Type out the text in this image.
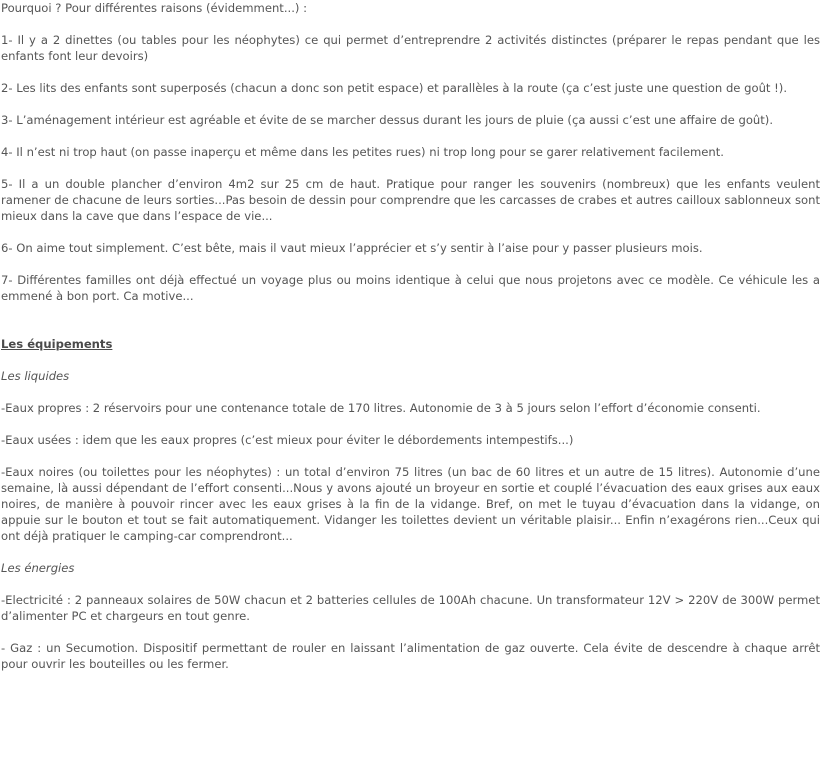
Pourquoi ? Pour différentes raisons (évidemment...) :

1- Il y a 2 dinettes (ou tables pour les néophytes) ce qui permet d’entreprendre 2 activités distinctes (préparer le repas pendant que les enfants font leur devoirs)

2- Les lits des enfants sont superposés (chacun a donc son petit espace) et parallèles à la route (ça c’est juste une question de goût !).

3- L’aménagement intérieur est agréable et évite de se marcher dessus durant les jours de pluie (ça aussi c’est une affaire de goût).

4- Il n’est ni trop haut (on passe inaperçu et même dans les petites rues) ni trop long pour se garer relativement facilement.

5- Il a un double plancher d’environ 4m2 sur 25 cm de haut. Pratique pour ranger les souvenirs (nombreux) que les enfants veulent ramener de chacune de leurs sorties...Pas besoin de dessin pour comprendre que les carcasses de crabes et autres cailloux sablonneux sont mieux dans la cave que dans l’espace de vie...

6- On aime tout simplement. C’est bête, mais il vaut mieux l’apprécier et s’y sentir à l’aise pour y passer plusieurs mois.

7- Différentes familles ont déjà effectué un voyage plus ou moins identique à celui que nous projetons avec ce modèle. Ce véhicule les a emmené à bon port. Ca motive...

Les équipements

Les liquides

-Eaux propres : 2 réservoirs pour une contenance totale de 170 litres. Autonomie de 3 à 5 jours selon l’effort d’économie consenti.

-Eaux usées : idem que les eaux propres (c’est mieux pour éviter le débordements intempestifs...)

-Eaux noires (ou toilettes pour les néophytes) : un total d’environ 75 litres (un bac de 60 litres et un autre de 15 litres). Autonomie d’une semaine, là aussi dépendant de l’effort consenti...Nous y avons ajouté un broyeur en sortie et couplé l’évacuation des eaux grises aux eaux noires, de manière à pouvoir rincer avec les eaux grises à la fin de la vidange. Bref, on met le tuyau d’évacuation dans la vidange, on appuie sur le bouton et tout se fait automatiquement. Vidanger les toilettes devient un véritable plaisir... Enfin n’exagérons rien...Ceux qui ont déjà pratiquer le camping-car comprendront...

Les énergies

-Electricité : 2 panneaux solaires de 50W chacun et 2 batteries cellules de 100Ah chacune. Un transformateur 12V > 220V de 300W permet d’alimenter PC et chargeurs en tout genre.

- Gaz : un Secumotion. Dispositif permettant de rouler en laissant l’alimentation de gaz ouverte. Cela évite de descendre à chaque arrêt pour ouvrir les bouteilles ou les fermer.
